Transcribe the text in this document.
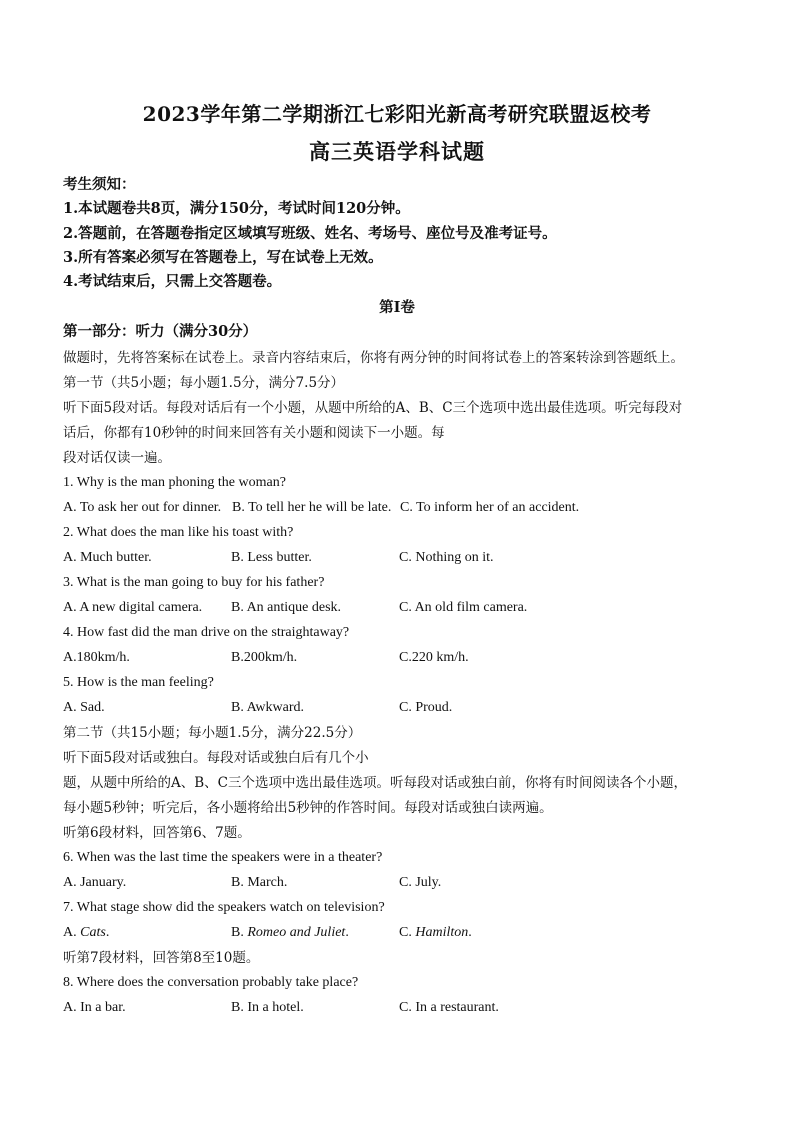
2023学年第二学期浙江七彩阳光新高考研究联盟返校考
高三英语学科试题
考生须知：
1.本试题卷共8页，满分150分，考试时间120分钟。
2.答题前，在答题卷指定区域填写班级、姓名、考场号、座位号及准考证号。
3.所有答案必须写在答题卷上，写在试卷上无效。
4.考试结束后，只需上交答题卷。
第Ⅰ卷
第一部分：听力（满分30分）
做题时，先将答案标在试卷上。录音内容结束后，你将有两分钟的时间将试卷上的答案转涂到答题纸上。
第一节（共5小题；每小题1.5分，满分7.5分）
听下面5段对话。每段对话后有一个小题，从题中所给的A、B、C三个选项中选出最佳选项。听完每段对
话后，你都有10秒钟的时间来回答有关小题和阅读下一小题。每
段对话仅读一遍。
1. Why is the man phoning the woman?
A. To ask her out for dinner. B. To tell her he will be late. C. To inform her of an accident.
2. What does the man like his toast with?
A. Much butter.	B. Less butter.	C. Nothing on it.
3. What is the man going to buy for his father?
A. A new digital camera. B. An antique desk.	C. An old film camera.
4. How fast did the man drive on the straightaway?
A.180km/h.	B.200km/h.	C.220 km/h.
5. How is the man feeling?
A. Sad.	B. Awkward.	C. Proud.
第二节（共15小题；每小题1.5分，满分22.5分）
听下面5段对话或独白。每段对话或独白后有几个小
题，从题中所给的A、B、C三个选项中选出最佳选项。听每段对话或独白前，你将有时间阅读各个小题，
每小题5秒钟；听完后，各小题将给出5秒钟的作答时间。每段对话或独白读两遍。
听第6段材料，回答第6、7题。
6. When was the last time the speakers were in a theater?
A. January.	B. March.	C. July.
7. What stage show did the speakers watch on television?
A. Cats.	B. Romeo and Juliet.	C. Hamilton.
听第7段材料，回答第8至10题。
8. Where does the conversation probably take place?
A. In a bar.	B. In a hotel.	C. In a restaurant.
